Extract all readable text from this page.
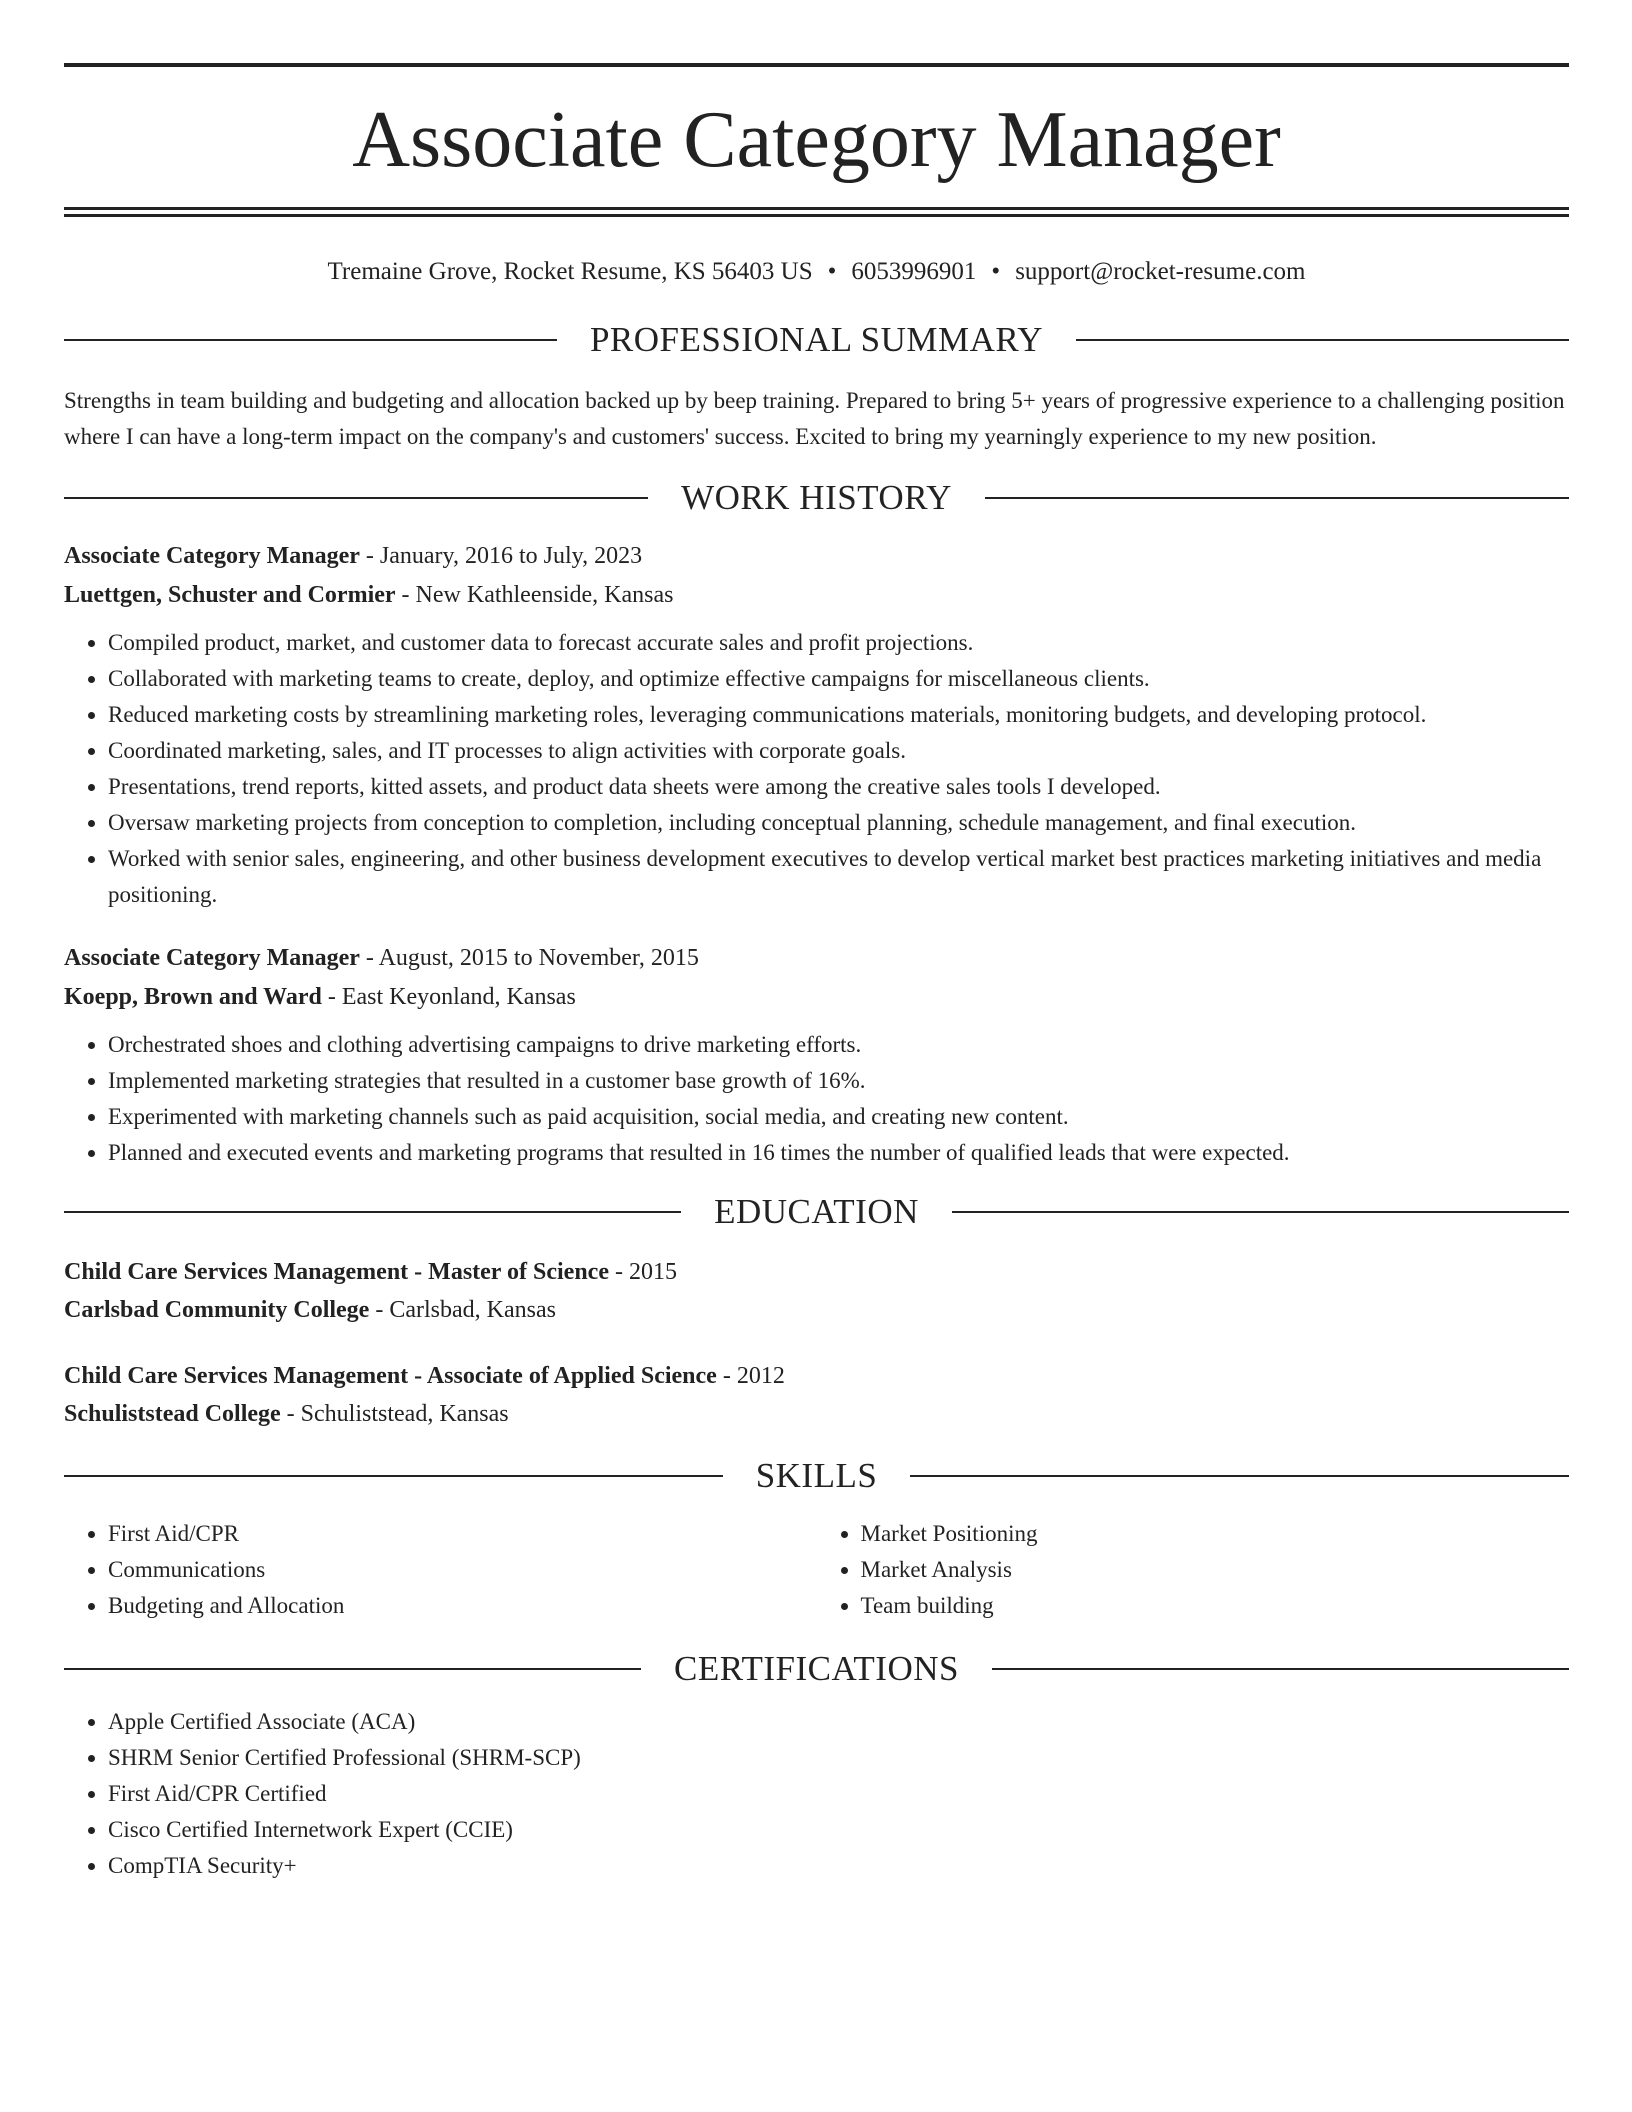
Associate Category Manager
Tremaine Grove, Rocket Resume, KS 56403 US • 6053996901 • support@rocket-resume.com
PROFESSIONAL SUMMARY
Strengths in team building and budgeting and allocation backed up by beep training. Prepared to bring 5+ years of progressive experience to a challenging position where I can have a long-term impact on the company's and customers' success. Excited to bring my yearningly experience to my new position.
WORK HISTORY
Associate Category Manager - January, 2016 to July, 2023
Luettgen, Schuster and Cormier - New Kathleenside, Kansas
• Compiled product, market, and customer data to forecast accurate sales and profit projections.
• Collaborated with marketing teams to create, deploy, and optimize effective campaigns for miscellaneous clients.
• Reduced marketing costs by streamlining marketing roles, leveraging communications materials, monitoring budgets, and developing protocol.
• Coordinated marketing, sales, and IT processes to align activities with corporate goals.
• Presentations, trend reports, kitted assets, and product data sheets were among the creative sales tools I developed.
• Oversaw marketing projects from conception to completion, including conceptual planning, schedule management, and final execution.
• Worked with senior sales, engineering, and other business development executives to develop vertical market best practices marketing initiatives and media positioning.
Associate Category Manager - August, 2015 to November, 2015
Koepp, Brown and Ward - East Keyonland, Kansas
• Orchestrated shoes and clothing advertising campaigns to drive marketing efforts.
• Implemented marketing strategies that resulted in a customer base growth of 16%.
• Experimented with marketing channels such as paid acquisition, social media, and creating new content.
• Planned and executed events and marketing programs that resulted in 16 times the number of qualified leads that were expected.
EDUCATION
Child Care Services Management - Master of Science - 2015
Carlsbad Community College - Carlsbad, Kansas
Child Care Services Management - Associate of Applied Science - 2012
Schuliststead College - Schuliststead, Kansas
SKILLS
• First Aid/CPR
• Communications
• Budgeting and Allocation
• Market Positioning
• Market Analysis
• Team building
CERTIFICATIONS
• Apple Certified Associate (ACA)
• SHRM Senior Certified Professional (SHRM-SCP)
• First Aid/CPR Certified
• Cisco Certified Internetwork Expert (CCIE)
• CompTIA Security+
